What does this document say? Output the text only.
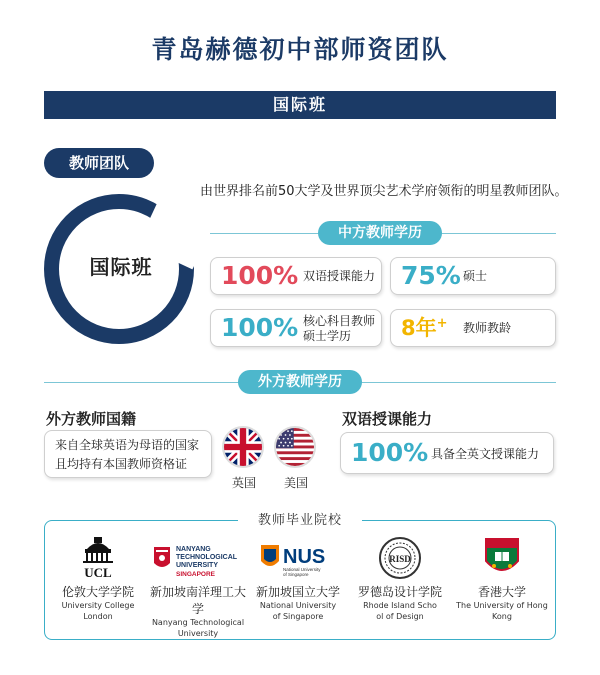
青岛赫德初中部师资团队
国际班
教师团队
由世界排名前50大学及世界顶尖艺术学府领衔的明星教师团队。
国际班
中方教师学历
100% 双语授课能力 75% 硕士
100% 核心科目教师
硕士学历 8年+ 教师教龄
外方教师学历
外方教师国籍
来自全球英语为母语的国家
且均持有本国教师资格证
英国 美国
双语授课能力
100% 具备全英文授课能力
教师毕业院校
UCL
伦敦大学学院
University College London
NANYANG
TECHNOLOGICAL
UNIVERSITY
SINGAPORE
新加坡南洋理工大学
Nanyang Technological
University
NUS
National University
of Singapore
新加坡国立大学
National University
of Singapore
RISD
罗德岛设计学院
Rhode Island Scho
ol of Design
香港大学
The University of Hong Kong
